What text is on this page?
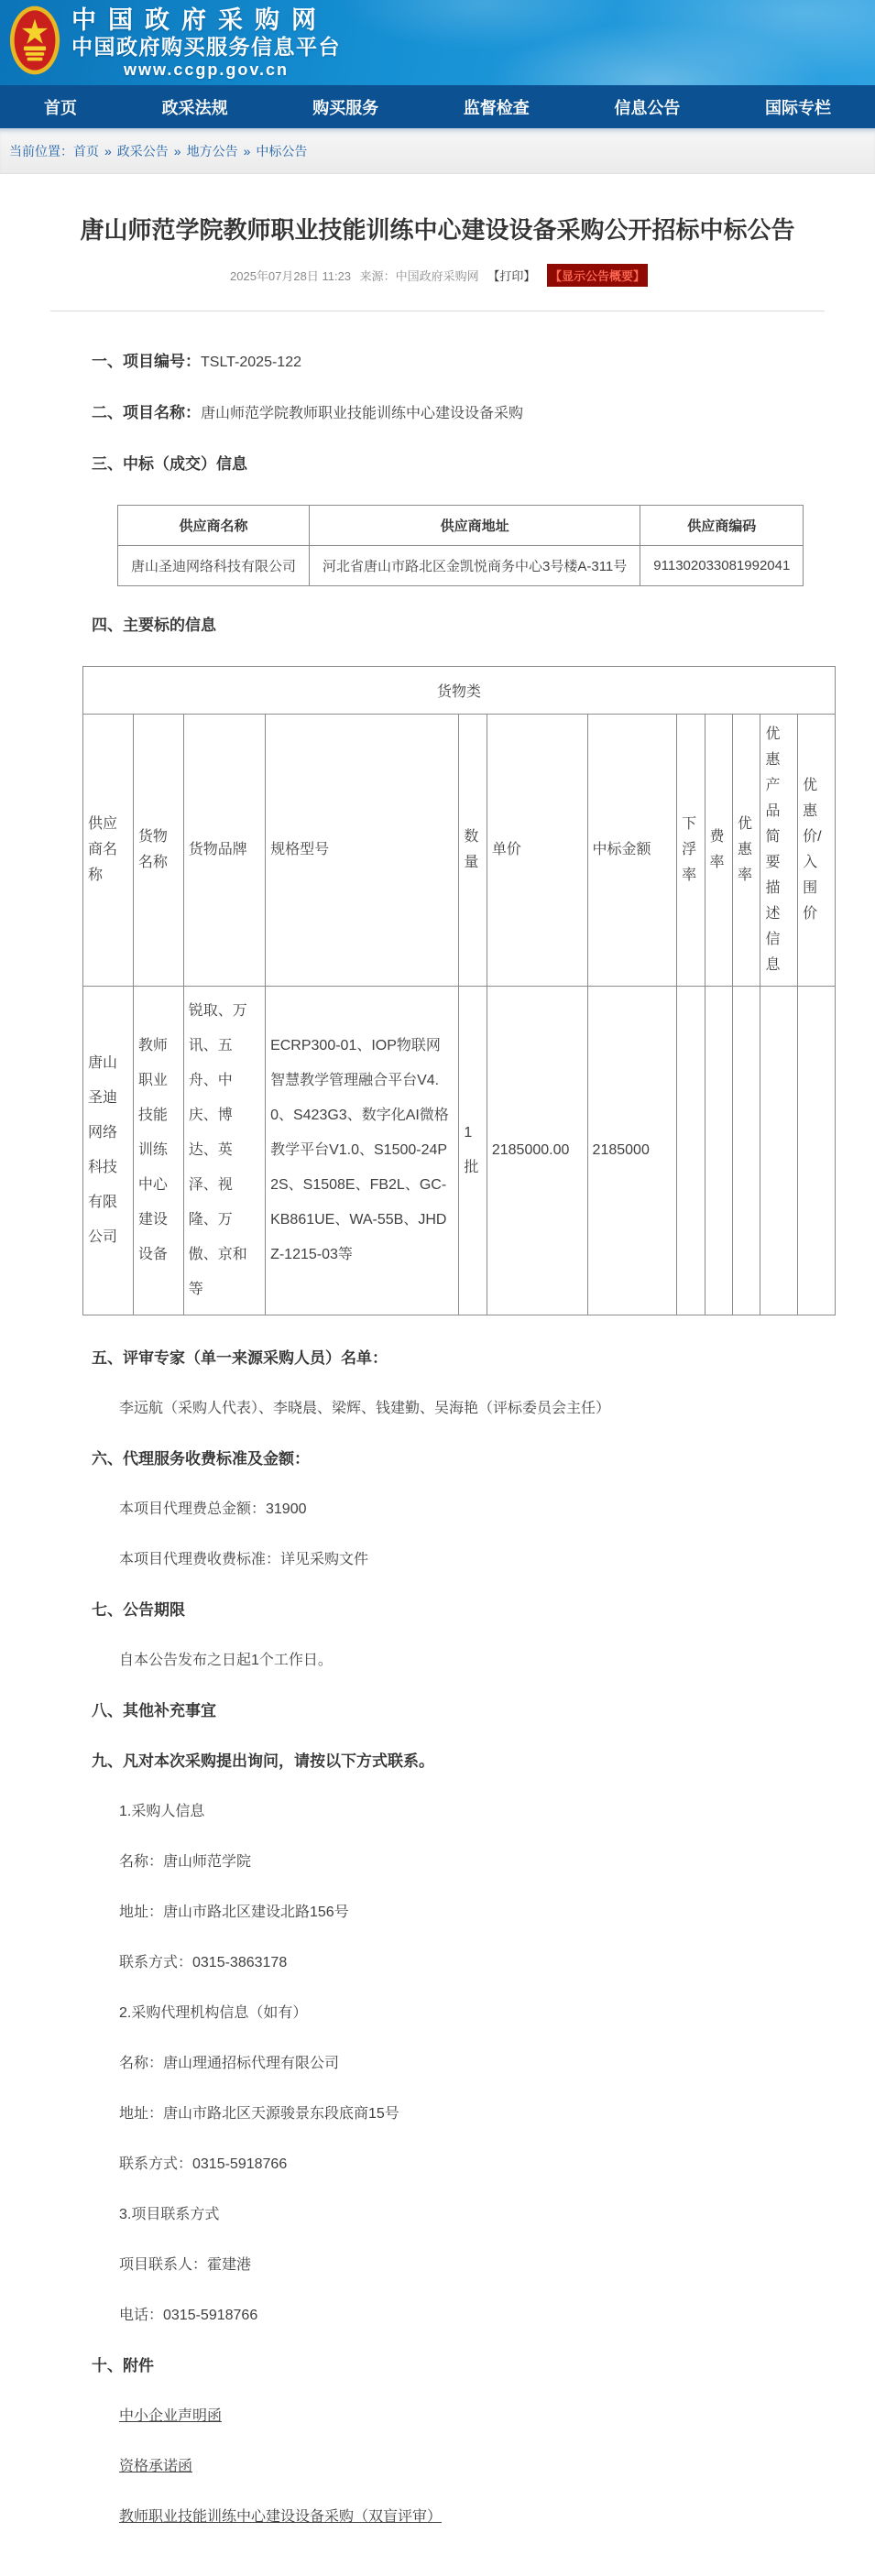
中国政府采购网
中国政府购买服务信息平台
www.ccgp.gov.cn
首页	政采法规	购买服务	监督检查	信息公告	国际专栏
当前位置： 首页 » 政采公告 » 地方公告 » 中标公告
唐山师范学院教师职业技能训练中心建设设备采购公开招标中标公告
2025年07月28日 11:23 来源：中国政府采购网 【打印】 【显示公告概要】

一、项目编号：TSLT-2025-122

二、项目名称：唐山师范学院教师职业技能训练中心建设设备采购

三、中标（成交）信息

供应商名称	供应商地址	供应商编码
唐山圣迪网络科技有限公司	河北省唐山市路北区金凯悦商务中心3号楼A-311号	911302033081992041

四、主要标的信息

货物类											
供应商名称	货物名称	货物品牌	规格型号	数量	单价	中标金额	下浮率	费率	优惠率	优惠产品简要描述信息	优惠价/入围价
唐山圣迪网络科技有限公司	教师职业技能训练中心建设设备	锐取、万讯、五舟、中庆、博达、英泽、视隆、万傲、京和等	ECRP300-01、IOP物联网智慧教学管理融合平台V4.0、S423G3、数字化AI微格教学平台V1.0、S1500-24P2S、S1508E、FB2L、GC-KB861UE、WA-55B、JHDZ-1215-03等	1批	2185000.00	2185000					

五、评审专家（单一来源采购人员）名单：

李远航（采购人代表）、李晓晨、梁辉、钱建勤、吴海艳（评标委员会主任）

六、代理服务收费标准及金额：

本项目代理费总金额：31900

本项目代理费收费标准：详见采购文件

七、公告期限

自本公告发布之日起1个工作日。

八、其他补充事宜

九、凡对本次采购提出询问，请按以下方式联系。

1.采购人信息

名称：唐山师范学院

地址：唐山市路北区建设北路156号

联系方式：0315-3863178

2.采购代理机构信息（如有）

名称：唐山理通招标代理有限公司

地址：唐山市路北区天源骏景东段底商15号

联系方式：0315-5918766

3.项目联系方式

项目联系人：霍建港

电话：0315-5918766

十、附件

中小企业声明函

资格承诺函

教师职业技能训练中心建设设备采购（双盲评审）
